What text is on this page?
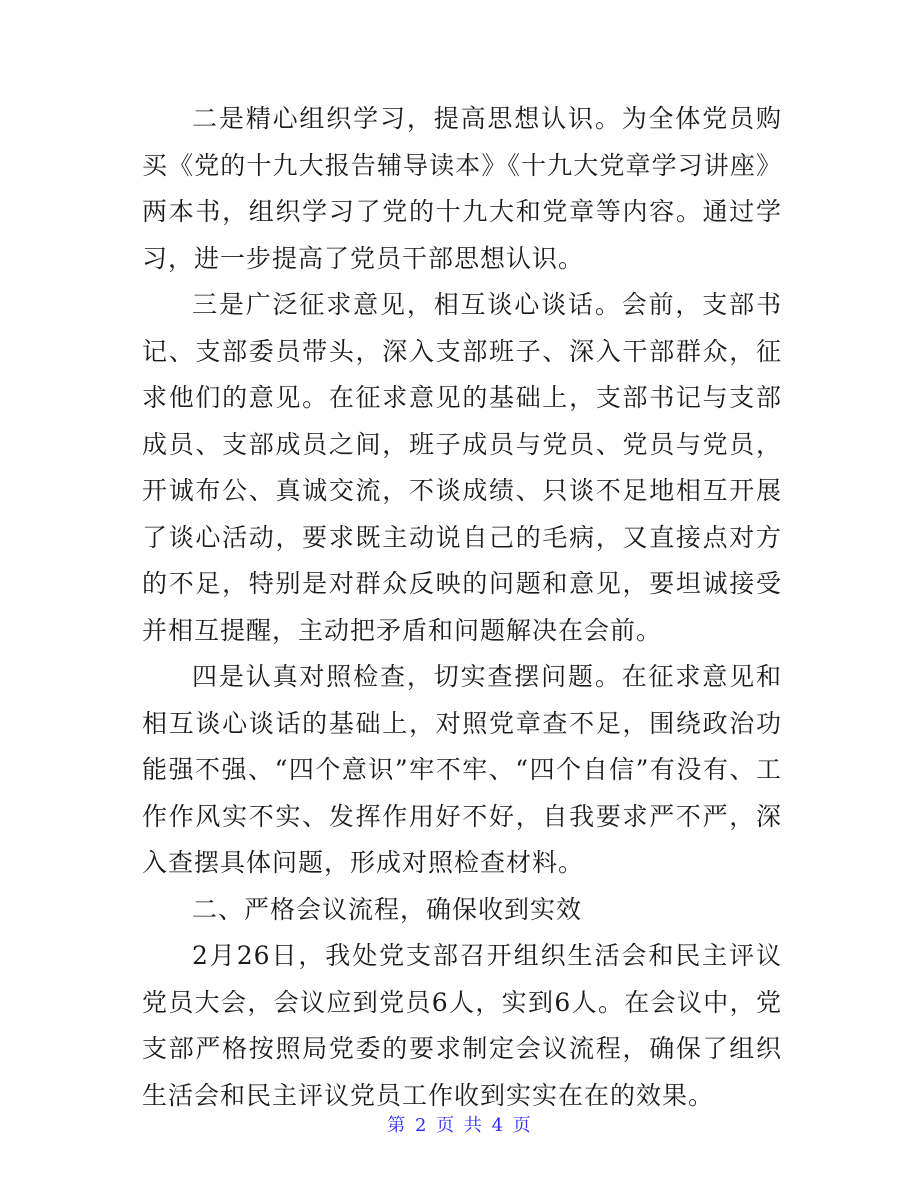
二是精心组织学习，提高思想认识。为全体党员购买《党的十九大报告辅导读本》《十九大党章学习讲座》两本书，组织学习了党的十九大和党章等内容。通过学习，进一步提高了党员干部思想认识。

三是广泛征求意见，相互谈心谈话。会前，支部书记、支部委员带头，深入支部班子、深入干部群众，征求他们的意见。在征求意见的基础上，支部书记与支部成员、支部成员之间，班子成员与党员、党员与党员，开诚布公、真诚交流，不谈成绩、只谈不足地相互开展了谈心活动，要求既主动说自己的毛病，又直接点对方的不足，特别是对群众反映的问题和意见，要坦诚接受并相互提醒，主动把矛盾和问题解决在会前。

四是认真对照检查，切实查摆问题。在征求意见和相互谈心谈话的基础上，对照党章查不足，围绕政治功能强不强、“四个意识”牢不牢、“四个自信”有没有、工作作风实不实、发挥作用好不好，自我要求严不严，深入查摆具体问题，形成对照检查材料。

二、严格会议流程，确保收到实效

2月26日，我处党支部召开组织生活会和民主评议党员大会，会议应到党员6人，实到6人。在会议中，党支部严格按照局党委的要求制定会议流程，确保了组织生活会和民主评议党员工作收到实实在在的效果。

第 2 页 共 4 页
